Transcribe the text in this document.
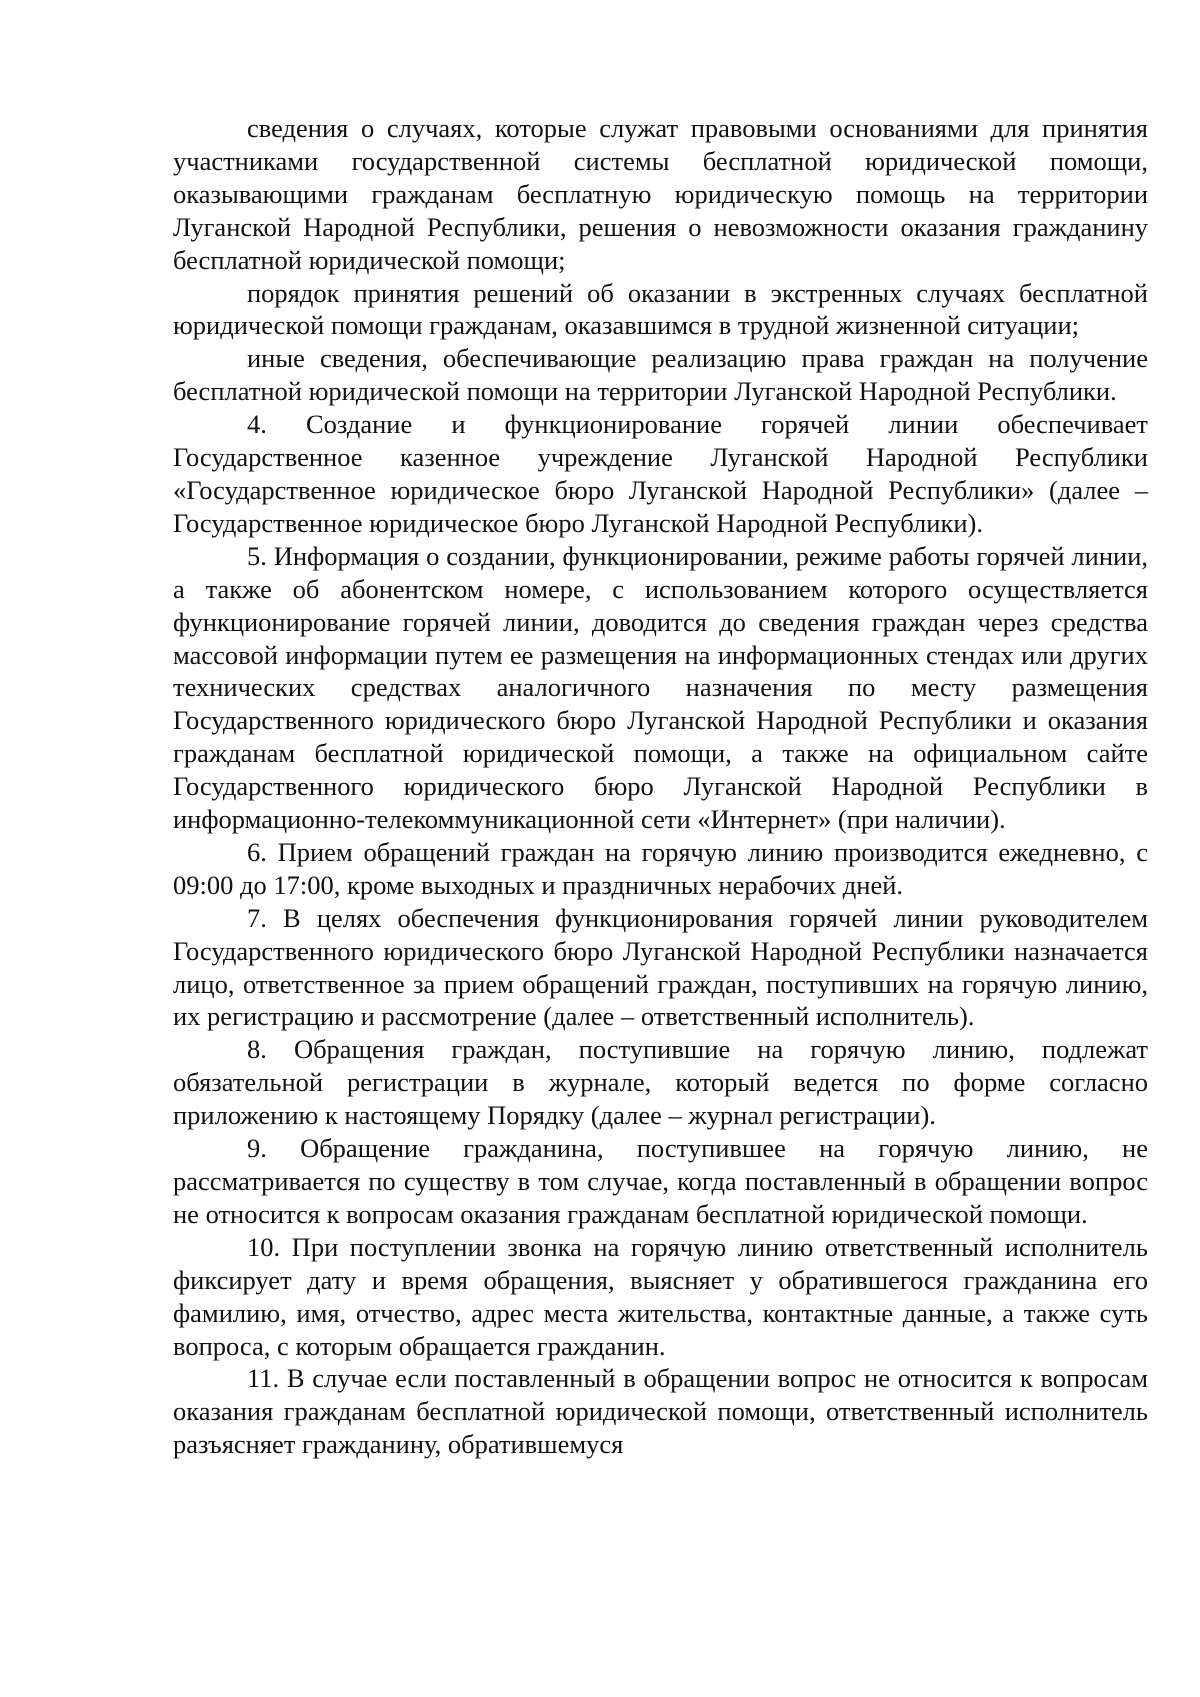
сведения о случаях, которые служат правовыми основаниями для принятия участниками государственной системы бесплатной юридической помощи, оказывающими гражданам бесплатную юридическую помощь на территории Луганской Народной Республики, решения о невозможности оказания гражданину бесплатной юридической помощи;

порядок принятия решений об оказании в экстренных случаях бесплатной юридической помощи гражданам, оказавшимся в трудной жизненной ситуации;

иные сведения, обеспечивающие реализацию права граждан на получение бесплатной юридической помощи на территории Луганской Народной Республики.

4. Создание и функционирование горячей линии обеспечивает Государственное казенное учреждение Луганской Народной Республики «Государственное юридическое бюро Луганской Народной Республики» (далее – Государственное юридическое бюро Луганской Народной Республики).

5. Информация о создании, функционировании, режиме работы горячей линии, а также об абонентском номере, с использованием которого осуществляется функционирование горячей линии, доводится до сведения граждан через средства массовой информации путем ее размещения на информационных стендах или других технических средствах аналогичного назначения по месту размещения Государственного юридического бюро Луганской Народной Республики и оказания гражданам бесплатной юридической помощи, а также на официальном сайте Государственного юридического бюро Луганской Народной Республики в информационно-телекоммуникационной сети «Интернет» (при наличии).

6. Прием обращений граждан на горячую линию производится ежедневно, с 09:00 до 17:00, кроме выходных и праздничных нерабочих дней.

7. В целях обеспечения функционирования горячей линии руководителем Государственного юридического бюро Луганской Народной Республики назначается лицо, ответственное за прием обращений граждан, поступивших на горячую линию, их регистрацию и рассмотрение (далее – ответственный исполнитель).

8. Обращения граждан, поступившие на горячую линию, подлежат обязательной регистрации в журнале, который ведется по форме согласно приложению к настоящему Порядку (далее – журнал регистрации).

9. Обращение гражданина, поступившее на горячую линию, не рассматривается по существу в том случае, когда поставленный в обращении вопрос не относится к вопросам оказания гражданам бесплатной юридической помощи.

10. При поступлении звонка на горячую линию ответственный исполнитель фиксирует дату и время обращения, выясняет у обратившегося гражданина его фамилию, имя, отчество, адрес места жительства, контактные данные, а также суть вопроса, с которым обращается гражданин.

11. В случае если поставленный в обращении вопрос не относится к вопросам оказания гражданам бесплатной юридической помощи, ответственный исполнитель разъясняет гражданину, обратившемуся
